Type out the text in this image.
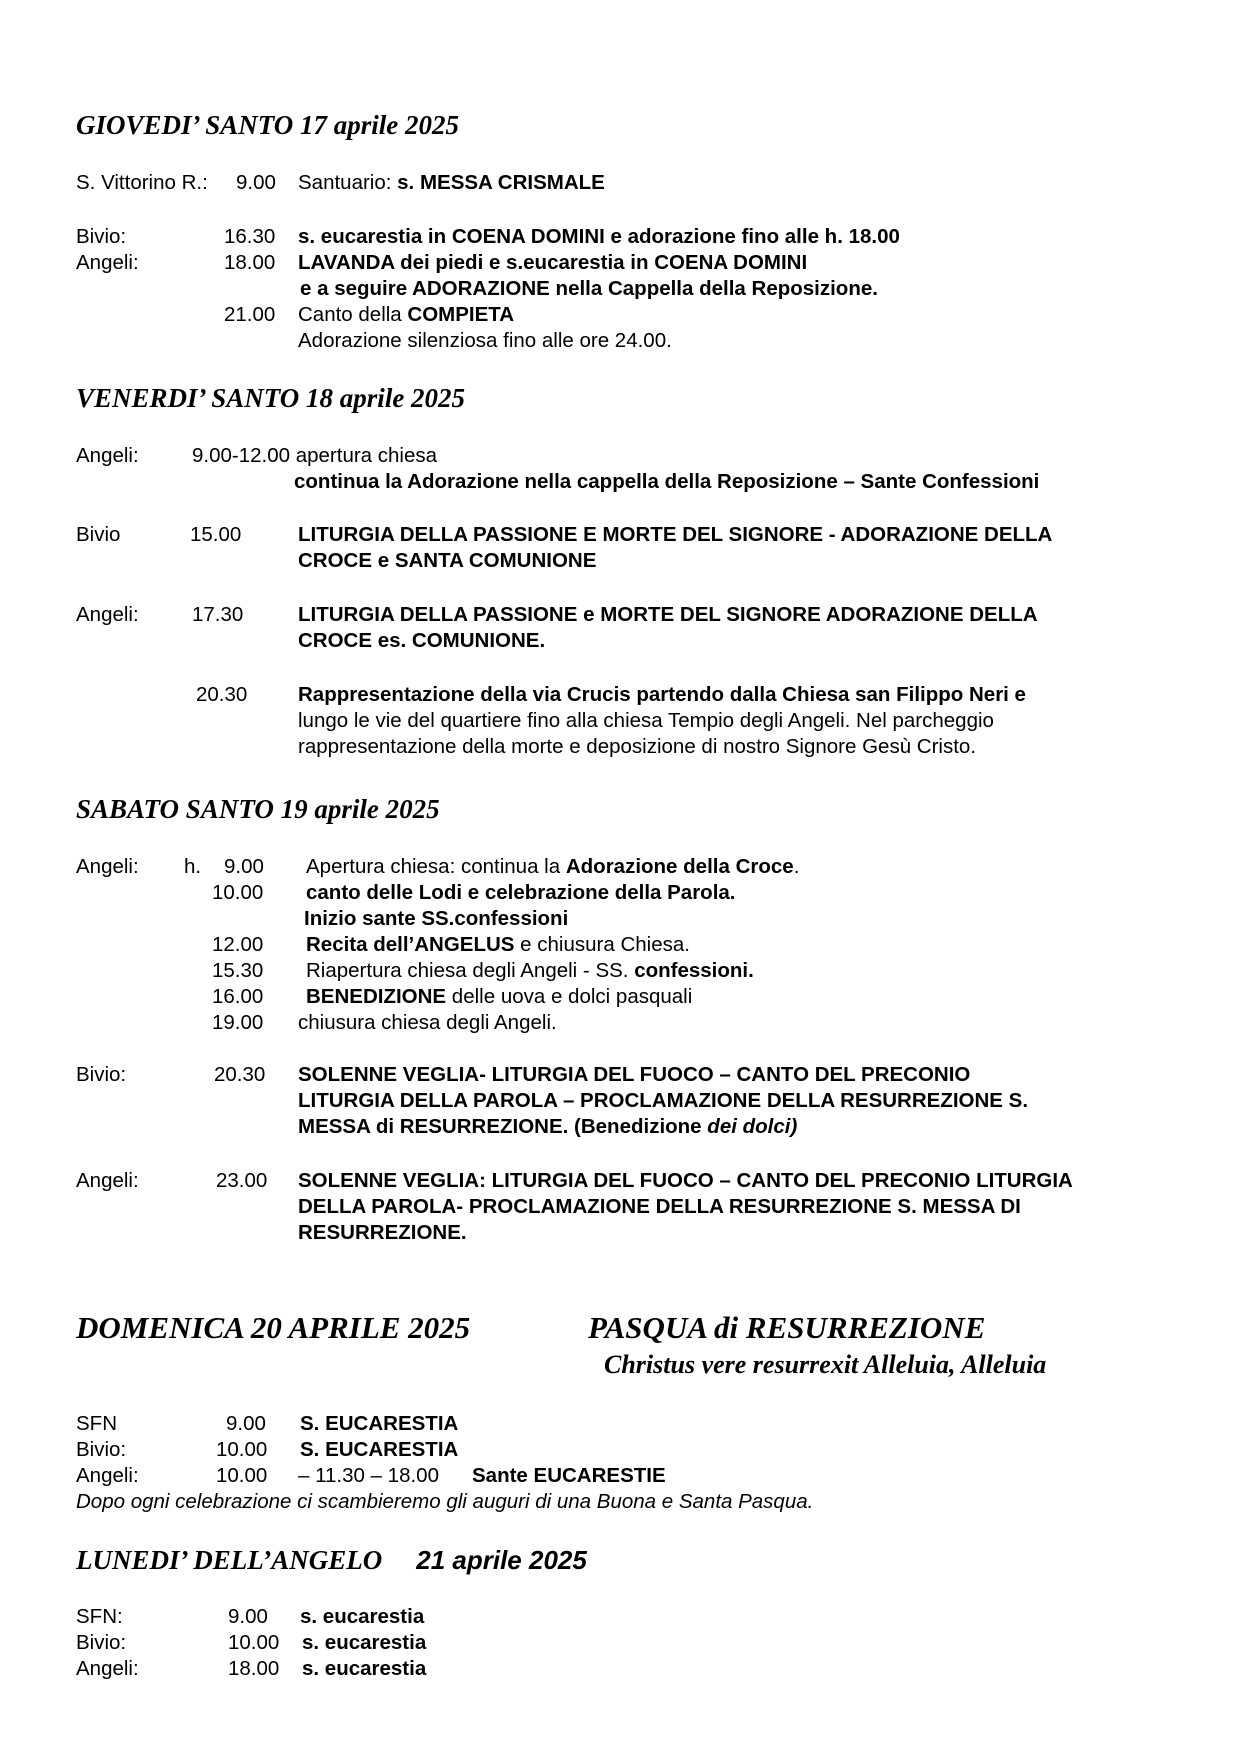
GIOVEDI’ SANTO 17 aprile 2025
S. Vittorino R.: 9.00 Santuario: s. MESSA CRISMALE
Bivio:	16.30 s. eucarestia in COENA DOMINI e adorazione fino alle h. 18.00
Angeli:	18.00 LAVANDA dei piedi e s.eucarestia in COENA DOMINI
e a seguire ADORAZIONE nella Cappella della Reposizione.
21.00 Canto della COMPIETA
Adorazione silenziosa fino alle ore 24.00.
VENERDI’ SANTO 18 aprile 2025
Angeli:	9.00-12.00 apertura chiesa
continua la Adorazione nella cappella della Reposizione – Sante Confessioni
Bivio	15.00	LITURGIA DELLA PASSIONE E MORTE DEL SIGNORE - ADORAZIONE DELLA
CROCE e SANTA COMUNIONE
Angeli:	17.30	LITURGIA DELLA PASSIONE e MORTE DEL SIGNORE ADORAZIONE DELLA
CROCE es. COMUNIONE.
20.30 Rappresentazione della via Crucis partendo dalla Chiesa san Filippo Neri e
lungo le vie del quartiere fino alla chiesa Tempio degli Angeli. Nel parcheggio
rappresentazione della morte e deposizione di nostro Signore Gesù Cristo.
SABATO SANTO 19 aprile 2025
Angeli: h. 9.00 Apertura chiesa: continua la Adorazione della Croce.
10.00 canto delle Lodi e celebrazione della Parola.
Inizio sante SS.confessioni
12.00 Recita dell’ANGELUS e chiusura Chiesa.
15.30 Riapertura chiesa degli Angeli - SS. confessioni.
16.00 BENEDIZIONE delle uova e dolci pasquali
19.00 chiusura chiesa degli Angeli.
Bivio:	20.30 SOLENNE VEGLIA- LITURGIA DEL FUOCO – CANTO DEL PRECONIO
LITURGIA DELLA PAROLA – PROCLAMAZIONE DELLA RESURREZIONE S.
MESSA di RESURREZIONE. (Benedizione dei dolci)
Angeli:	23.00 SOLENNE VEGLIA: LITURGIA DEL FUOCO – CANTO DEL PRECONIO LITURGIA
DELLA PAROLA- PROCLAMAZIONE DELLA RESURREZIONE S. MESSA DI
RESURREZIONE.
DOMENICA 20 APRILE 2025	PASQUA di RESURREZIONE
Christus vere resurrexit Alleluia, Alleluia
SFN	9.00 S. EUCARESTIA
Bivio:	10.00 S. EUCARESTIA
Angeli:	10.00 – 11.30 – 18.00 Sante EUCARESTIE
Dopo ogni celebrazione ci scambieremo gli auguri di una Buona e Santa Pasqua.
LUNEDI’ DELL’ANGELO 21 aprile 2025
SFN:	9.00 s. eucarestia
Bivio:	10.00 s. eucarestia
Angeli:	18.00 s. eucarestia
